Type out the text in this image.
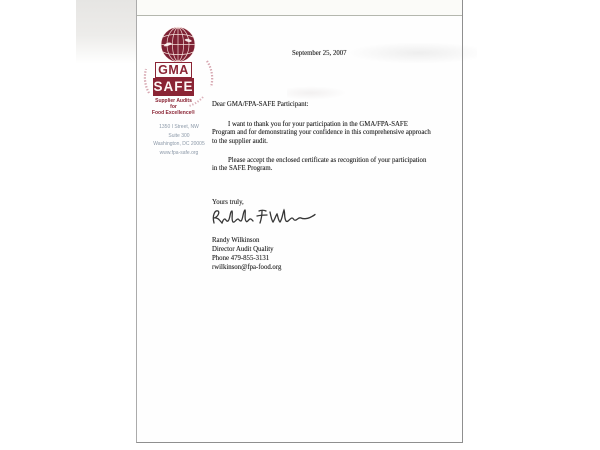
GMA
SAFE
Supplier Audits
for
Food Excellence®
1350 I Street, NW
Suite 300
Washington, DC 20005
www.fpa-safe.org
September 25, 2007
Dear GMA/FPA-SAFE Participant:
I want to thank you for your participation in the GMA/FPA-SAFE
Program and for demonstrating your confidence in this comprehensive approach
to the supplier audit.
Please accept the enclosed certificate as recognition of your participation
in the SAFE Program.
Yours truly,
Randy Wilkinson
Director Audit Quality
Phone 479-855-3131
rwilkinson@fpa-food.org
